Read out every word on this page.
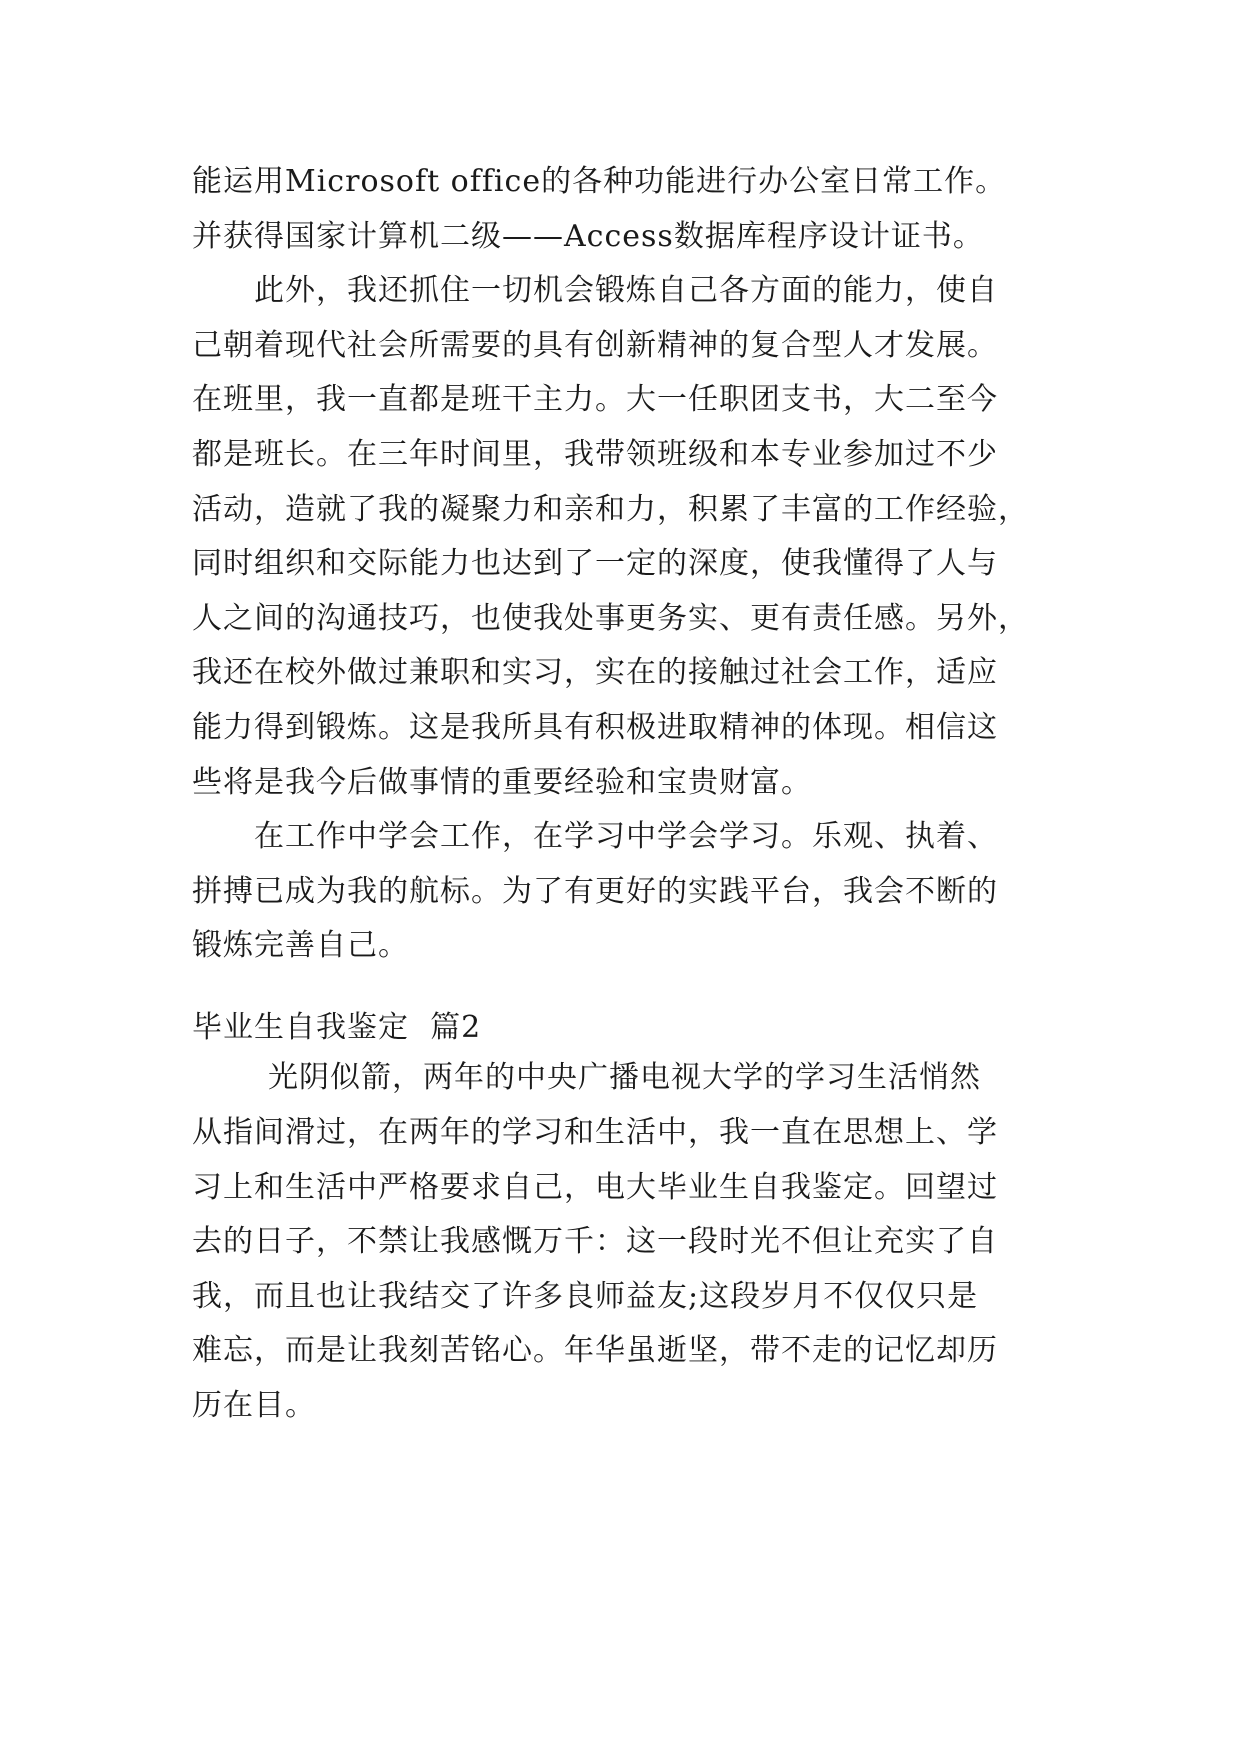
能运用Microsoft office的各种功能进行办公室日常工作。
并获得国家计算机二级——Access数据库程序设计证书。
此外，我还抓住一切机会锻炼自己各方面的能力，使自
己朝着现代社会所需要的具有创新精神的复合型人才发展。
在班里，我一直都是班干主力。大一任职团支书，大二至今
都是班长。在三年时间里，我带领班级和本专业参加过不少
活动，造就了我的凝聚力和亲和力，积累了丰富的工作经验，
同时组织和交际能力也达到了一定的深度，使我懂得了人与
人之间的沟通技巧，也使我处事更务实、更有责任感。另外，
我还在校外做过兼职和实习，实在的接触过社会工作，适应
能力得到锻炼。这是我所具有积极进取精神的体现。相信这
些将是我今后做事情的重要经验和宝贵财富。
在工作中学会工作，在学习中学会学习。乐观、执着、
拼搏已成为我的航标。为了有更好的实践平台，我会不断的
锻炼完善自己。
毕业生自我鉴定  篇2
光阴似箭，两年的中央广播电视大学的学习生活悄然
从指间滑过，在两年的学习和生活中，我一直在思想上、学
习上和生活中严格要求自己，电大毕业生自我鉴定。回望过
去的日子，不禁让我感慨万千：这一段时光不但让充实了自
我，而且也让我结交了许多良师益友;这段岁月不仅仅只是
难忘，而是让我刻苦铭心。年华虽逝坚，带不走的记忆却历
历在目。
